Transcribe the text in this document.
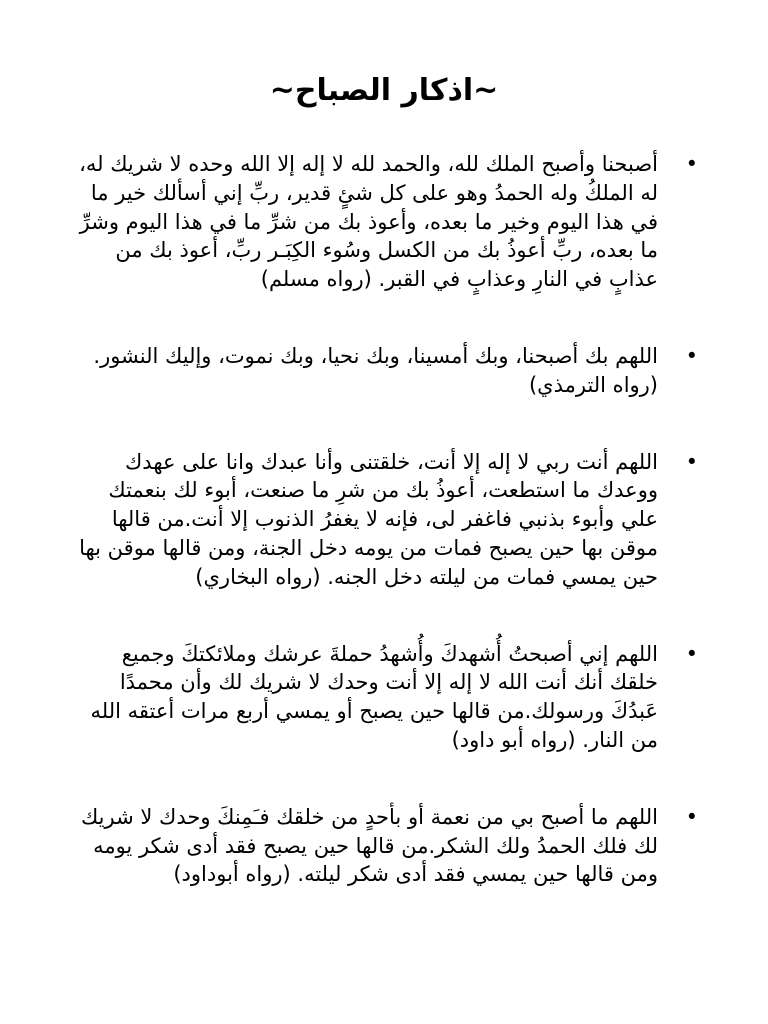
~اذكار الصباح~
•
أصبحنا وأصبح الملك لله، والحمد لله لا إله إلا الله وحده لا شريك له، له الملكُ وله الحمدُ وهو على كل شئٍ قدير، ربِّ إني أسألك خير ما في هذا اليوم وخير ما بعده، وأعوذ بك من شرِّ ما في هذا اليوم وشرِّ ما بعده، ربِّ أعوذُ بك من الكسل وسُوء الكِبَـر ربِّ، أعوذ بك من عذابٍ في النارِ وعذابٍ في القبر. (رواه مسلم)
•
اللهم بك أصبحنا، وبك أمسينا، وبك نحيا، وبك نموت، وإليك النشور. (رواه الترمذي)
•
اللهم أنت ربي لا إله إلا أنت، خلقتنى وأنا عبدك وانا على عهدك ووعدك ما استطعت، أعوذُ بك من شرِ ما صنعت، أبوء لك بنعمتك علي وأبوء بذنبي فاغفر لى، فإنه لا يغفرُ الذنوب إلا أنت.من قالها موقن بها حين يصبح فمات من يومه دخل الجنة، ومن قالها موقن بها حين يمسي فمات من ليلته دخل الجنه. (رواه البخاري)
•
اللهم إني أصبحتُ أُشهدكَ وأُشهدُ حملةَ عرشك وملائكتكَ وجميع خلقك أنك أنت الله لا إله إلا أنت وحدك لا شريك لك وأن محمدًا عَبدُكَ ورسولك.من قالها حين يصبح أو يمسي أربع مرات أعتقه الله من النار. (رواه أبو داود)
•
اللهم ما أصبح بي من نعمة أو بأحدٍ من خلقك فـَمِنكَ وحدك لا شريك لك فلك الحمدُ ولك الشكر.من قالها حين يصبح فقد أدى شكر يومه ومن قالها حين يمسي فقد أدى شكر ليلته. (رواه أبوداود)
